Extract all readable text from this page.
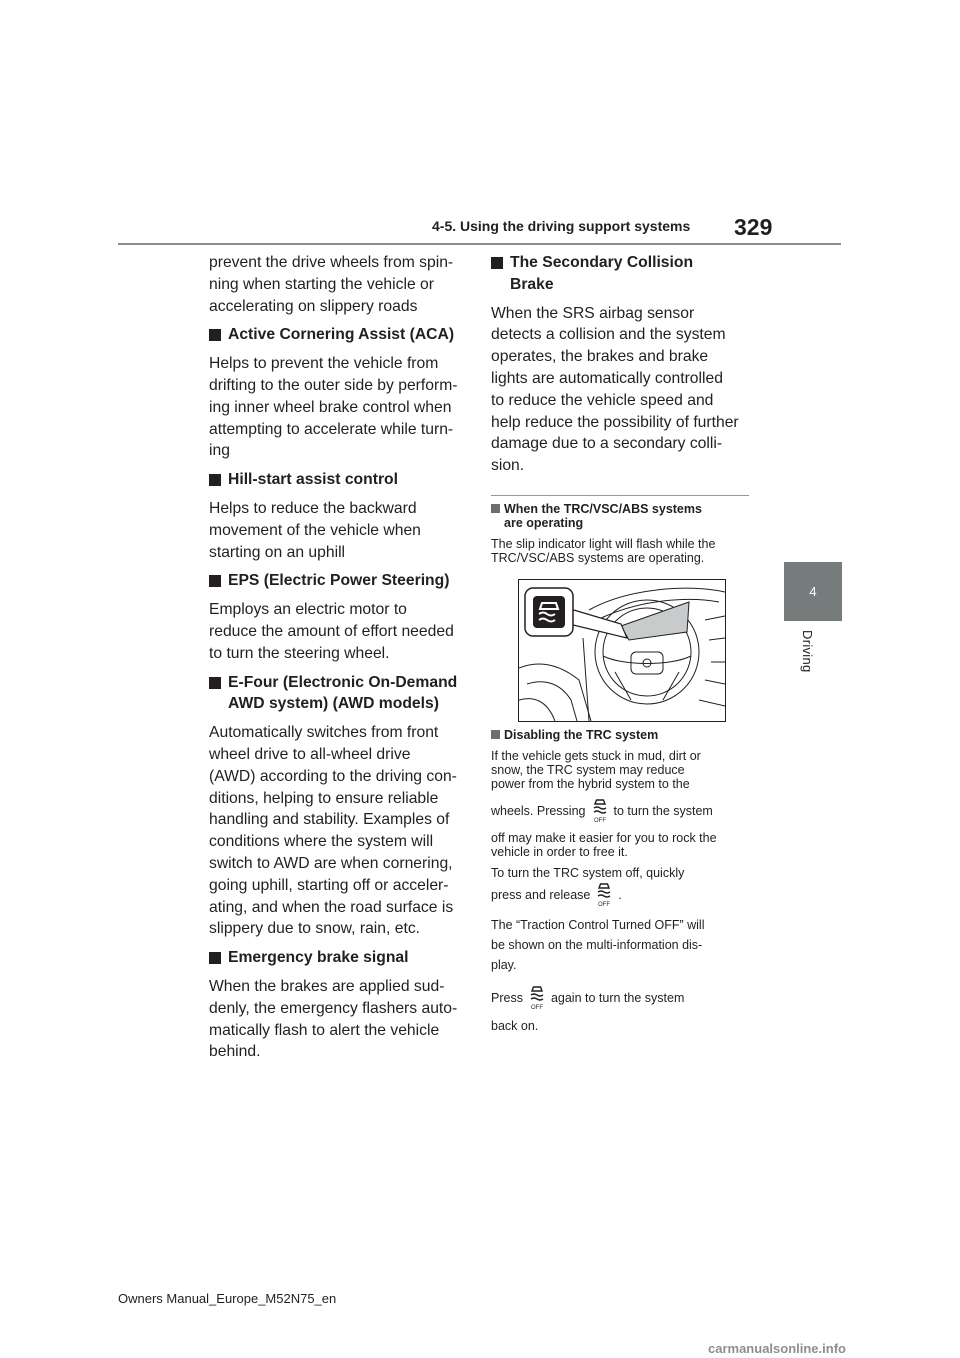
4-5. Using the driving support systems 329
4
Driving

prevent the drive wheels from spin-
ning when starting the vehicle or
accelerating on slippery roads

Active Cornering Assist (ACA)

Helps to prevent the vehicle from
drifting to the outer side by perform-
ing inner wheel brake control when
attempting to accelerate while turn-
ing

Hill-start assist control

Helps to reduce the backward
movement of the vehicle when
starting on an uphill

EPS (Electric Power Steering)

Employs an electric motor to
reduce the amount of effort needed
to turn the steering wheel.

E-Four (Electronic On-Demand
AWD system) (AWD models)

Automatically switches from front
wheel drive to all-wheel drive
(AWD) according to the driving con-
ditions, helping to ensure reliable
handling and stability. Examples of
conditions where the system will
switch to AWD are when cornering,
going uphill, starting off or acceler-
ating, and when the road surface is
slippery due to snow, rain, etc.

Emergency brake signal

When the brakes are applied sud-
denly, the emergency flashers auto-
matically flash to alert the vehicle
behind.

The Secondary Collision
Brake

When the SRS airbag sensor
detects a collision and the system
operates, the brakes and brake
lights are automatically controlled
to reduce the vehicle speed and
help reduce the possibility of further
damage due to a secondary colli-
sion.

When the TRC/VSC/ABS systems
are operating

The slip indicator light will flash while the
TRC/VSC/ABS systems are operating.

Disabling the TRC system

If the vehicle gets stuck in mud, dirt or
snow, the TRC system may reduce
power from the hybrid system to the

wheels. Pressing
OFF
to turn the system

off may make it easier for you to rock the
vehicle in order to free it.

To turn the TRC system off, quickly

press and release
OFF
.

The “Traction Control Turned OFF” will
be shown on the multi-information dis-
play.

Press
OFF
again to turn the system

back on.

Owners Manual_Europe_M52N75_en
carmanualsonline.info
